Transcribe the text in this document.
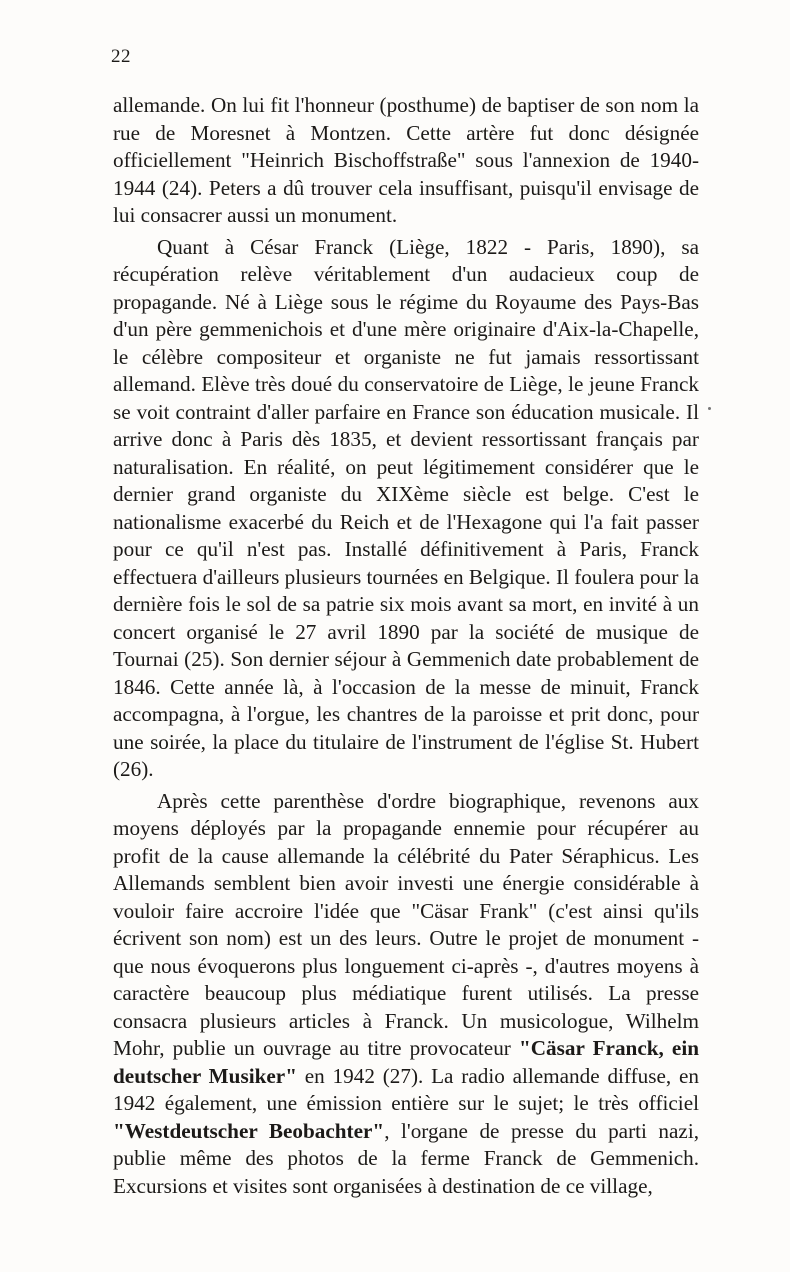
22

allemande. On lui fit l'honneur (posthume) de baptiser de son nom la rue de Moresnet à Montzen. Cette artère fut donc désignée officiellement "Heinrich Bischoffstraße" sous l'annexion de 1940-1944 (24). Peters a dû trouver cela insuffisant, puisqu'il envisage de lui consacrer aussi un monument.

Quant à César Franck (Liège, 1822 - Paris, 1890), sa récupération relève véritablement d'un audacieux coup de propagande. Né à Liège sous le régime du Royaume des Pays-Bas d'un père gemmenichois et d'une mère originaire d'Aix-la-Chapelle, le célèbre compositeur et organiste ne fut jamais ressortissant allemand. Elève très doué du conservatoire de Liège, le jeune Franck se voit contraint d'aller parfaire en France son éducation musicale. Il arrive donc à Paris dès 1835, et devient ressortissant français par naturalisation. En réalité, on peut légitimement considérer que le dernier grand organiste du XIXème siècle est belge. C'est le nationalisme exacerbé du Reich et de l'Hexagone qui l'a fait passer pour ce qu'il n'est pas. Installé définitivement à Paris, Franck effectuera d'ailleurs plusieurs tournées en Belgique. Il foulera pour la dernière fois le sol de sa patrie six mois avant sa mort, en invité à un concert organisé le 27 avril 1890 par la société de musique de Tournai (25). Son dernier séjour à Gemmenich date probablement de 1846. Cette année là, à l'occasion de la messe de minuit, Franck accompagna, à l'orgue, les chantres de la paroisse et prit donc, pour une soirée, la place du titulaire de l'instrument de l'église St. Hubert (26).

Après cette parenthèse d'ordre biographique, revenons aux moyens déployés par la propagande ennemie pour récupérer au profit de la cause allemande la célébrité du Pater Séraphicus. Les Allemands semblent bien avoir investi une énergie considérable à vouloir faire accroire l'idée que "Cäsar Frank" (c'est ainsi qu'ils écrivent son nom) est un des leurs. Outre le projet de monument - que nous évoquerons plus longuement ci-après -, d'autres moyens à caractère beaucoup plus médiatique furent utilisés. La presse consacra plusieurs articles à Franck. Un musicologue, Wilhelm Mohr, publie un ouvrage au titre provocateur "Cäsar Franck, ein deutscher Musiker" en 1942 (27). La radio allemande diffuse, en 1942 également, une émission entière sur le sujet; le très officiel "Westdeutscher Beobachter", l'organe de presse du parti nazi, publie même des photos de la ferme Franck de Gemmenich. Excursions et visites sont organisées à destination de ce village,
